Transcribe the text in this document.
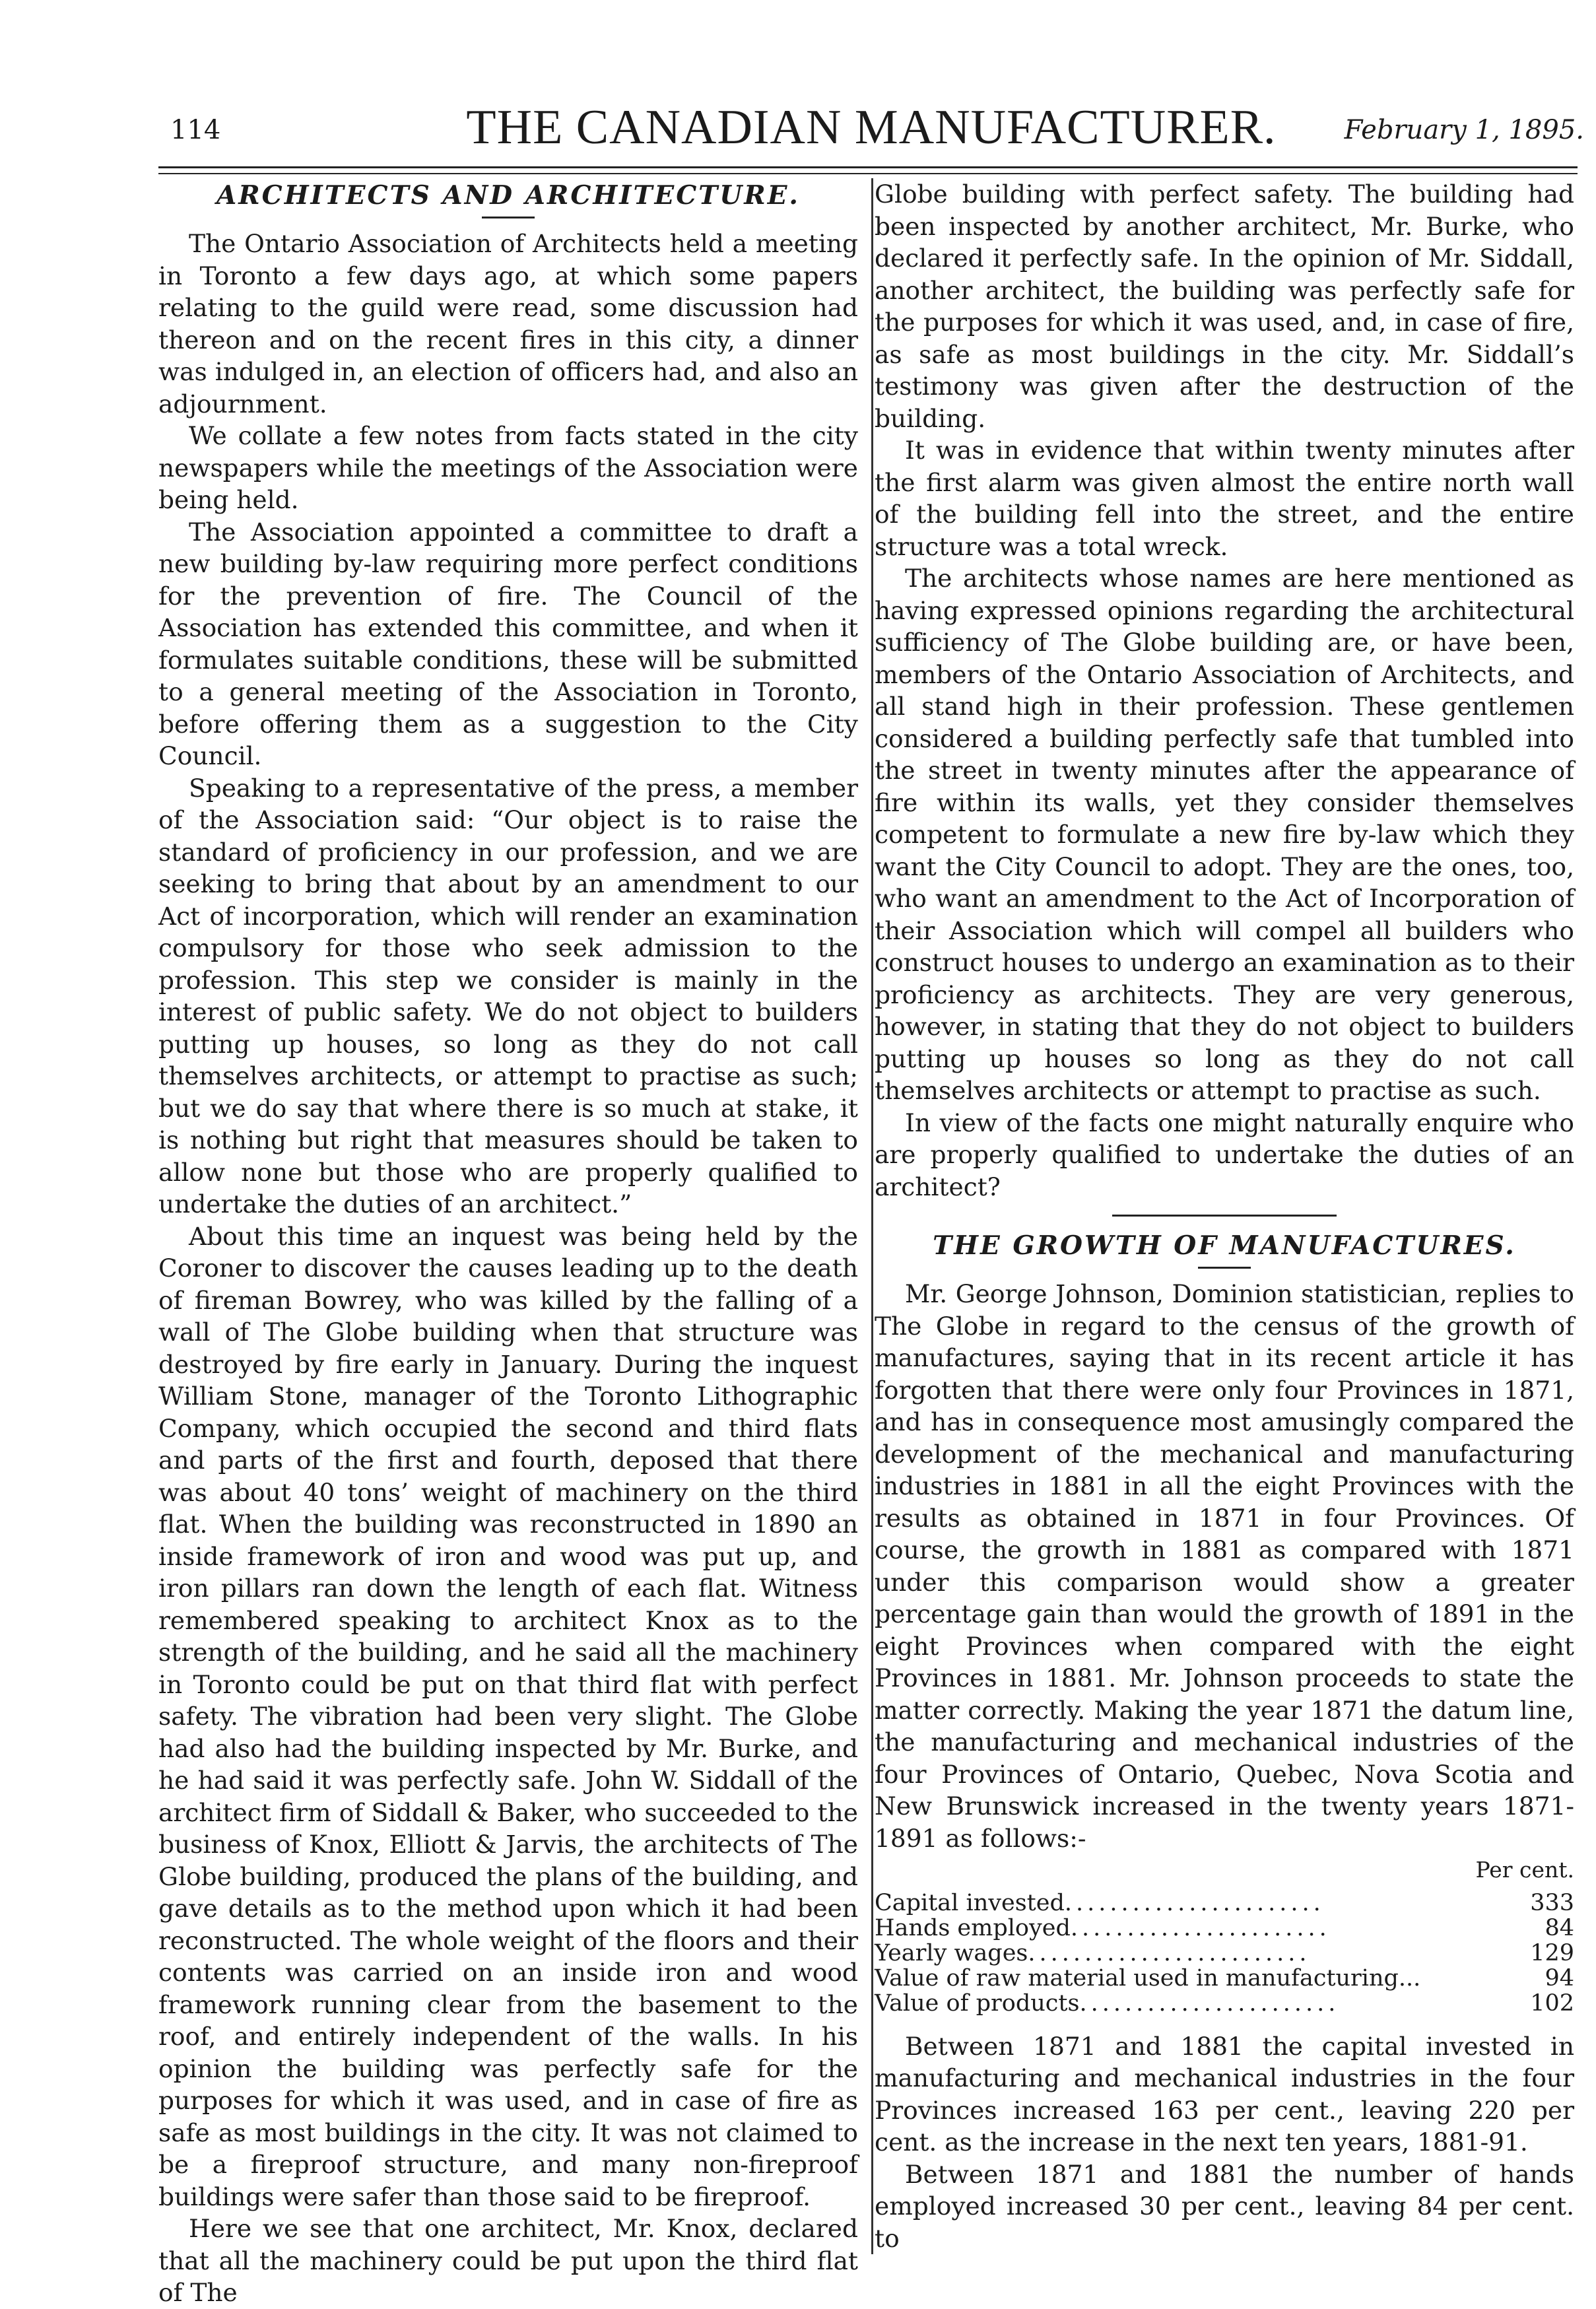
114	THE CANADIAN MANUFACTURER.	February 1, 1895.
ARCHITECTS AND ARCHITECTURE.

The Ontario Association of Architects held a meeting in Toronto a few days ago, at which some papers relating to the guild were read, some discussion had thereon and on the recent fires in this city, a dinner was indulged in, an election of officers had, and also an adjournment.

We collate a few notes from facts stated in the city newspapers while the meetings of the Association were being held.

The Association appointed a committee to draft a new building by-law requiring more perfect conditions for the prevention of fire. The Council of the Association has extended this committee, and when it formulates suitable conditions, these will be submitted to a general meeting of the Association in Toronto, before offering them as a suggestion to the City Council.

Speaking to a representative of the press, a member of the Association said: “Our object is to raise the standard of proficiency in our profession, and we are seeking to bring that about by an amendment to our Act of incorporation, which will render an examination compulsory for those who seek admission to the profession. This step we consider is mainly in the interest of public safety. We do not object to builders putting up houses, so long as they do not call themselves architects, or attempt to practise as such; but we do say that where there is so much at stake, it is nothing but right that measures should be taken to allow none but those who are properly qualified to undertake the duties of an architect.”

About this time an inquest was being held by the Coroner to discover the causes leading up to the death of fireman Bowrey, who was killed by the falling of a wall of The Globe building when that structure was destroyed by fire early in January. During the inquest William Stone, manager of the Toronto Lithographic Company, which occupied the second and third flats and parts of the first and fourth, deposed that there was about 40 tons’ weight of machinery on the third flat. When the building was reconstructed in 1890 an inside framework of iron and wood was put up, and iron pillars ran down the length of each flat. Witness remembered speaking to architect Knox as to the strength of the building, and he said all the machinery in Toronto could be put on that third flat with perfect safety. The vibration had been very slight. The Globe had also had the building inspected by Mr. Burke, and he had said it was perfectly safe. John W. Siddall of the architect firm of Siddall & Baker, who succeeded to the business of Knox, Elliott & Jarvis, the architects of The Globe building, produced the plans of the building, and gave details as to the method upon which it had been reconstructed. The whole weight of the floors and their contents was carried on an inside iron and wood framework running clear from the basement to the roof, and entirely independent of the walls. In his opinion the building was perfectly safe for the purposes for which it was used, and in case of fire as safe as most buildings in the city. It was not claimed to be a fireproof structure, and many non-fireproof buildings were safer than those said to be fireproof.

Here we see that one architect, Mr. Knox, declared that all the machinery could be put upon the third flat of The

Globe building with perfect safety. The building had been inspected by another architect, Mr. Burke, who declared it perfectly safe. In the opinion of Mr. Siddall, another architect, the building was perfectly safe for the purposes for which it was used, and, in case of fire, as safe as most buildings in the city. Mr. Siddall’s testimony was given after the destruction of the building.

It was in evidence that within twenty minutes after the first alarm was given almost the entire north wall of the building fell into the street, and the entire structure was a total wreck.

The architects whose names are here mentioned as having expressed opinions regarding the architectural sufficiency of The Globe building are, or have been, members of the Ontario Association of Architects, and all stand high in their profession. These gentlemen considered a building perfectly safe that tumbled into the street in twenty minutes after the appearance of fire within its walls, yet they consider themselves competent to formulate a new fire by-law which they want the City Council to adopt. They are the ones, too, who want an amendment to the Act of Incorporation of their Association which will compel all builders who construct houses to undergo an examination as to their proficiency as architects. They are very generous, however, in stating that they do not object to builders putting up houses so long as they do not call themselves architects or attempt to practise as such.

In view of the facts one might naturally enquire who are properly qualified to undertake the duties of an architect?

THE GROWTH OF MANUFACTURES.

Mr. George Johnson, Dominion statistician, replies to The Globe in regard to the census of the growth of manufactures, saying that in its recent article it has forgotten that there were only four Provinces in 1871, and has in consequence most amusingly compared the development of the mechanical and manufacturing industries in 1881 in all the eight Provinces with the results as obtained in 1871 in four Provinces. Of course, the growth in 1881 as compared with 1871 under this comparison would show a greater percentage gain than would the growth of 1891 in the eight Provinces when compared with the eight Provinces in 1881. Mr. Johnson proceeds to state the matter correctly. Making the year 1871 the datum line, the manufacturing and mechanical industries of the four Provinces of Ontario, Quebec, Nova Scotia and New Brunswick increased in the twenty years 1871-1891 as follows:-

Per cent.
Capital invested.......................	333
Hands employed.......................	84
Yearly wages.........................	129
Value of raw material used in manufacturing...	94
Value of products.......................	102

Between 1871 and 1881 the capital invested in manufacturing and mechanical industries in the four Provinces increased 163 per cent., leaving 220 per cent. as the increase in the next ten years, 1881-91.

Between 1871 and 1881 the number of hands employed increased 30 per cent., leaving 84 per cent. to
